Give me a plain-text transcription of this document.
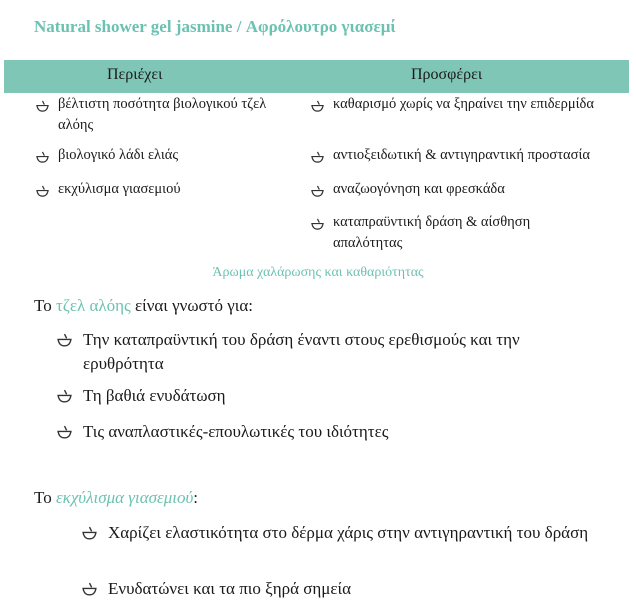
Natural shower gel jasmine / Αφρόλουτρο γιασεμί
Περιέχει	Προσφέρει
βέλτιστη ποσότητα βιολογικού τζελ αλόης
βιολογικό λάδι ελιάς
εκχύλισμα γιασεμιού
καθαρισμό χωρίς να ξηραίνει την επιδερμίδα
αντιοξειδωτική & αντιγηραντική προστασία
αναζωογόνηση και φρεσκάδα
καταπραϋντική δράση & αίσθηση απαλότητας
Άρωμα χαλάρωσης και καθαριότητας
Το τζελ αλόης είναι γνωστό για:
Την καταπραϋντική του δράση έναντι στους ερεθισμούς και την ερυθρότητα
Τη βαθιά ενυδάτωση
Τις αναπλαστικές-επουλωτικές του ιδιότητες
Το εκχύλισμα γιασεμιού:
Χαρίζει ελαστικότητα στο δέρμα χάρις στην αντιγηραντική του δράση
Ενυδατώνει και τα πιο ξηρά σημεία
